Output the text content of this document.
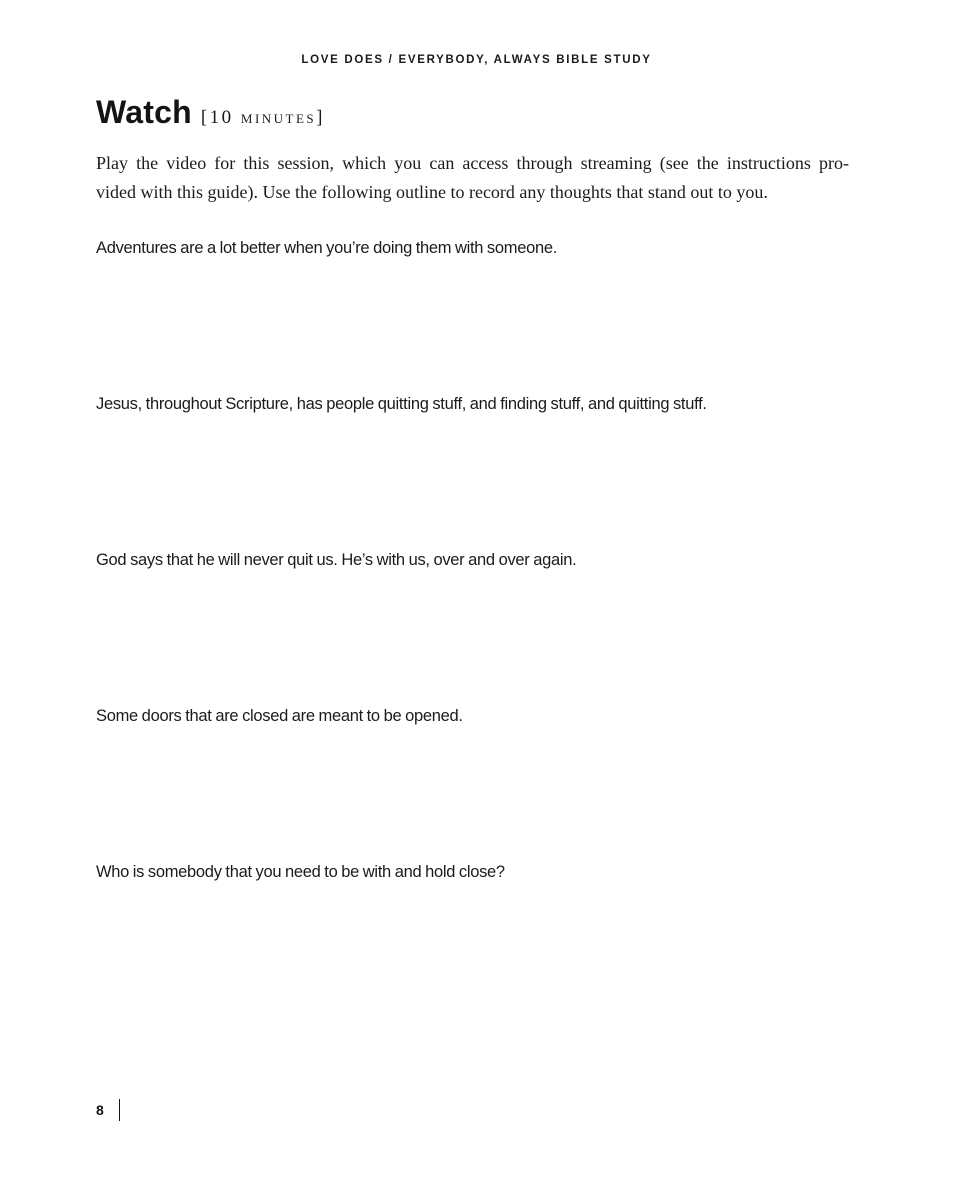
LOVE DOES / EVERYBODY, ALWAYS BIBLE STUDY
Watch [10 minutes]
Play the video for this session, which you can access through streaming (see the instructions pro-
vided with this guide). Use the following outline to record any thoughts that stand out to you.
Adventures are a lot better when you’re doing them with someone.
Jesus, throughout Scripture, has people quitting stuff, and finding stuff, and quitting stuff.
God says that he will never quit us. He’s with us, over and over again.
Some doors that are closed are meant to be opened.
Who is somebody that you need to be with and hold close?
8
